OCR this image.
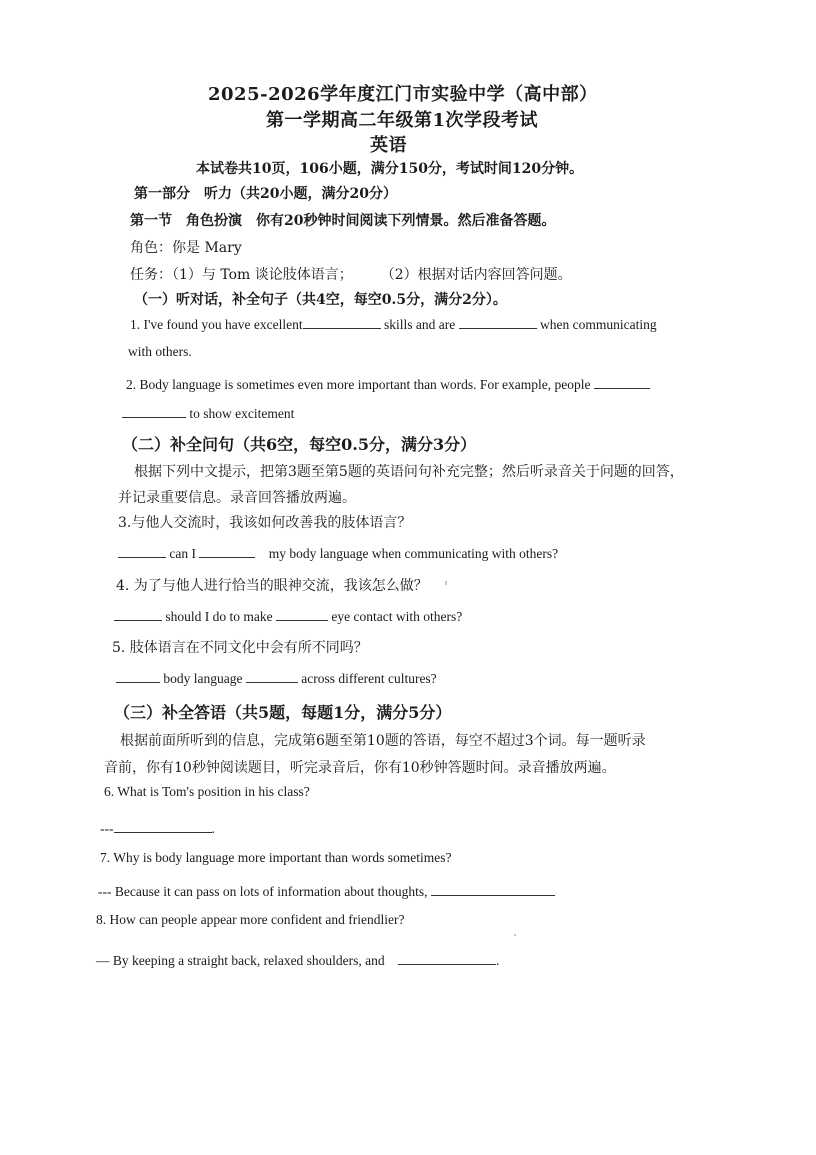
2025-2026学年度江门市实验中学（高中部）
第一学期高二年级第1次学段考试
英语
本试卷共10页，106小题，满分150分，考试时间120分钟。
第一部分　听力（共20小题，满分20分）
第一节　角色扮演　你有20秒钟时间阅读下列情景。然后准备答题。
角色：你是 Mary
任务：（1）与 Tom 谈论肢体语言；　　　（2）根据对话内容回答问题。
（一）听对话，补全句子（共4空，每空0.5分，满分2分）。
1. I've found you have excellent	skills and are	when communicating
with others.
2. Body language is sometimes even more important than words. For example, people
to show excitement
（二）补全问句（共6空，每空0.5分，满分3分）
根据下列中文提示，把第3题至第5题的英语问句补充完整；然后听录音关于问题的回答，
并记录重要信息。录音回答播放两遍。
3.与他人交流时，我该如何改善我的肢体语言？
can I	my body language when communicating with others?
4. 为了与他人进行恰当的眼神交流，我该怎么做？
should I do to make	eye contact with others?
5. 肢体语言在不同文化中会有所不同吗？
body language	across different cultures?
（三）补全答语（共5题，每题1分，满分5分）
根据前面所听到的信息，完成第6题至第10题的答语，每空不超过3个词。每一题听录
音前，你有10秒钟阅读题目，听完录音后，你有10秒钟答题时间。录音播放两遍。
6. What is Tom's position in his class?
---	.
7. Why is body language more important than words sometimes?
--- Because it can pass on lots of information about thoughts,
8. How can people appear more confident and friendlier?
— By keeping a straight back, relaxed shoulders, and	.
